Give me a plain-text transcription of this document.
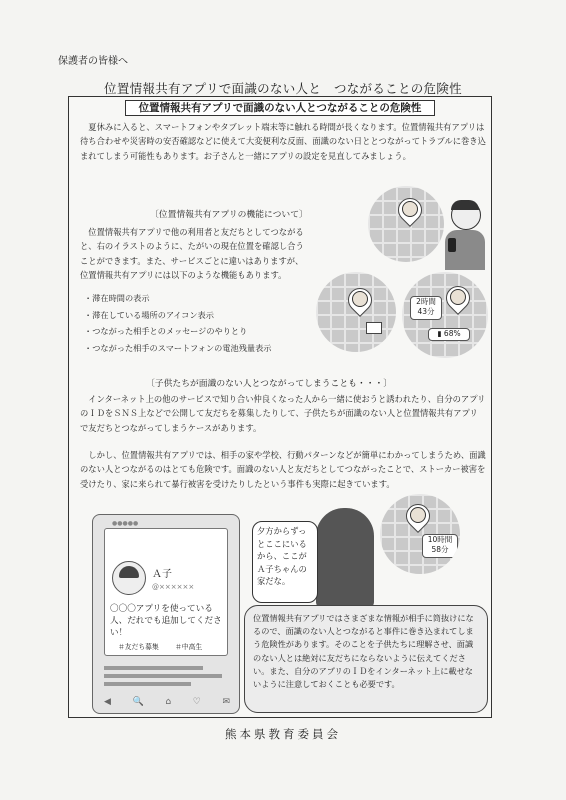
保護者の皆様へ
位置情報共有アプリで面識のない人と　つながることの危険性
位置情報共有アプリで面識のない人とつながることの危険性
　夏休みに入ると、スマートフォンやタブレット端末等に触れる時間が長くなります。位置情報共有アプリは待ち合わせや災害時の安否確認などに使えて大変便利な反面、面識のない日ととつながってトラブルに巻き込まれてしまう可能性もあります。お子さんと一緒にアプリの設定を見直してみましょう。
〔位置情報共有アプリの機能について〕
　位置情報共有アプリで他の利用者と友だちとしてつながると、右のイラストのように、たがいの現在位置を確認し合うことができます。また、サービスごとに違いはありますが、位置情報共有アプリには以下のような機能もあります。
・滞在時間の表示
・滞在している場所のアイコン表示
・つながった相手とのメッセージのやりとり
・つながった相手のスマートフォンの電池残量表示
2時間
43分
▮ 68%
〔子供たちが面識のない人とつながってしまうことも・・・〕
　インターネット上の他のサービスで知り合い仲良くなった人から一緒に使おうと誘われたり、自分のアプリのＩＤをＳＮＳ上などで公開して友だちを募集したりして、子供たちが面識のない人と位置情報共有アプリで友だちとつながってしまうケースがあります。
　しかし、位置情報共有アプリでは、相手の家や学校、行動パターンなどが簡単にわかってしまうため、面識のない人とつながるのはとても危険です。面識のない人と友だちとしてつながったことで、ストーカー被害を受けたり、家に来られて暴行被害を受けたりしたという事件も実際に起きています。
●●●●●
Ａ子
@××××××
〇〇〇アプリを使っている人、だれでも追加してください！
＃友だち募集 ＃中高生
◀ 🔍 ⌂ ♡ ✉
夕方からずっとここにいるから、ここがＡ子ちゃんの家だな。
10時間
58分
位置情報共有アプリではさまざまな情報が相手に筒抜けになるので、面識のない人とつながると事件に巻き込まれてしまう危険性があります。そのことを子供たちに理解させ、面識のない人とは絶対に友だちにならないように伝えてください。また、自分のアプリのＩＤをインターネット上に載せないように注意しておくことも必要です。
熊本県教育委員会
